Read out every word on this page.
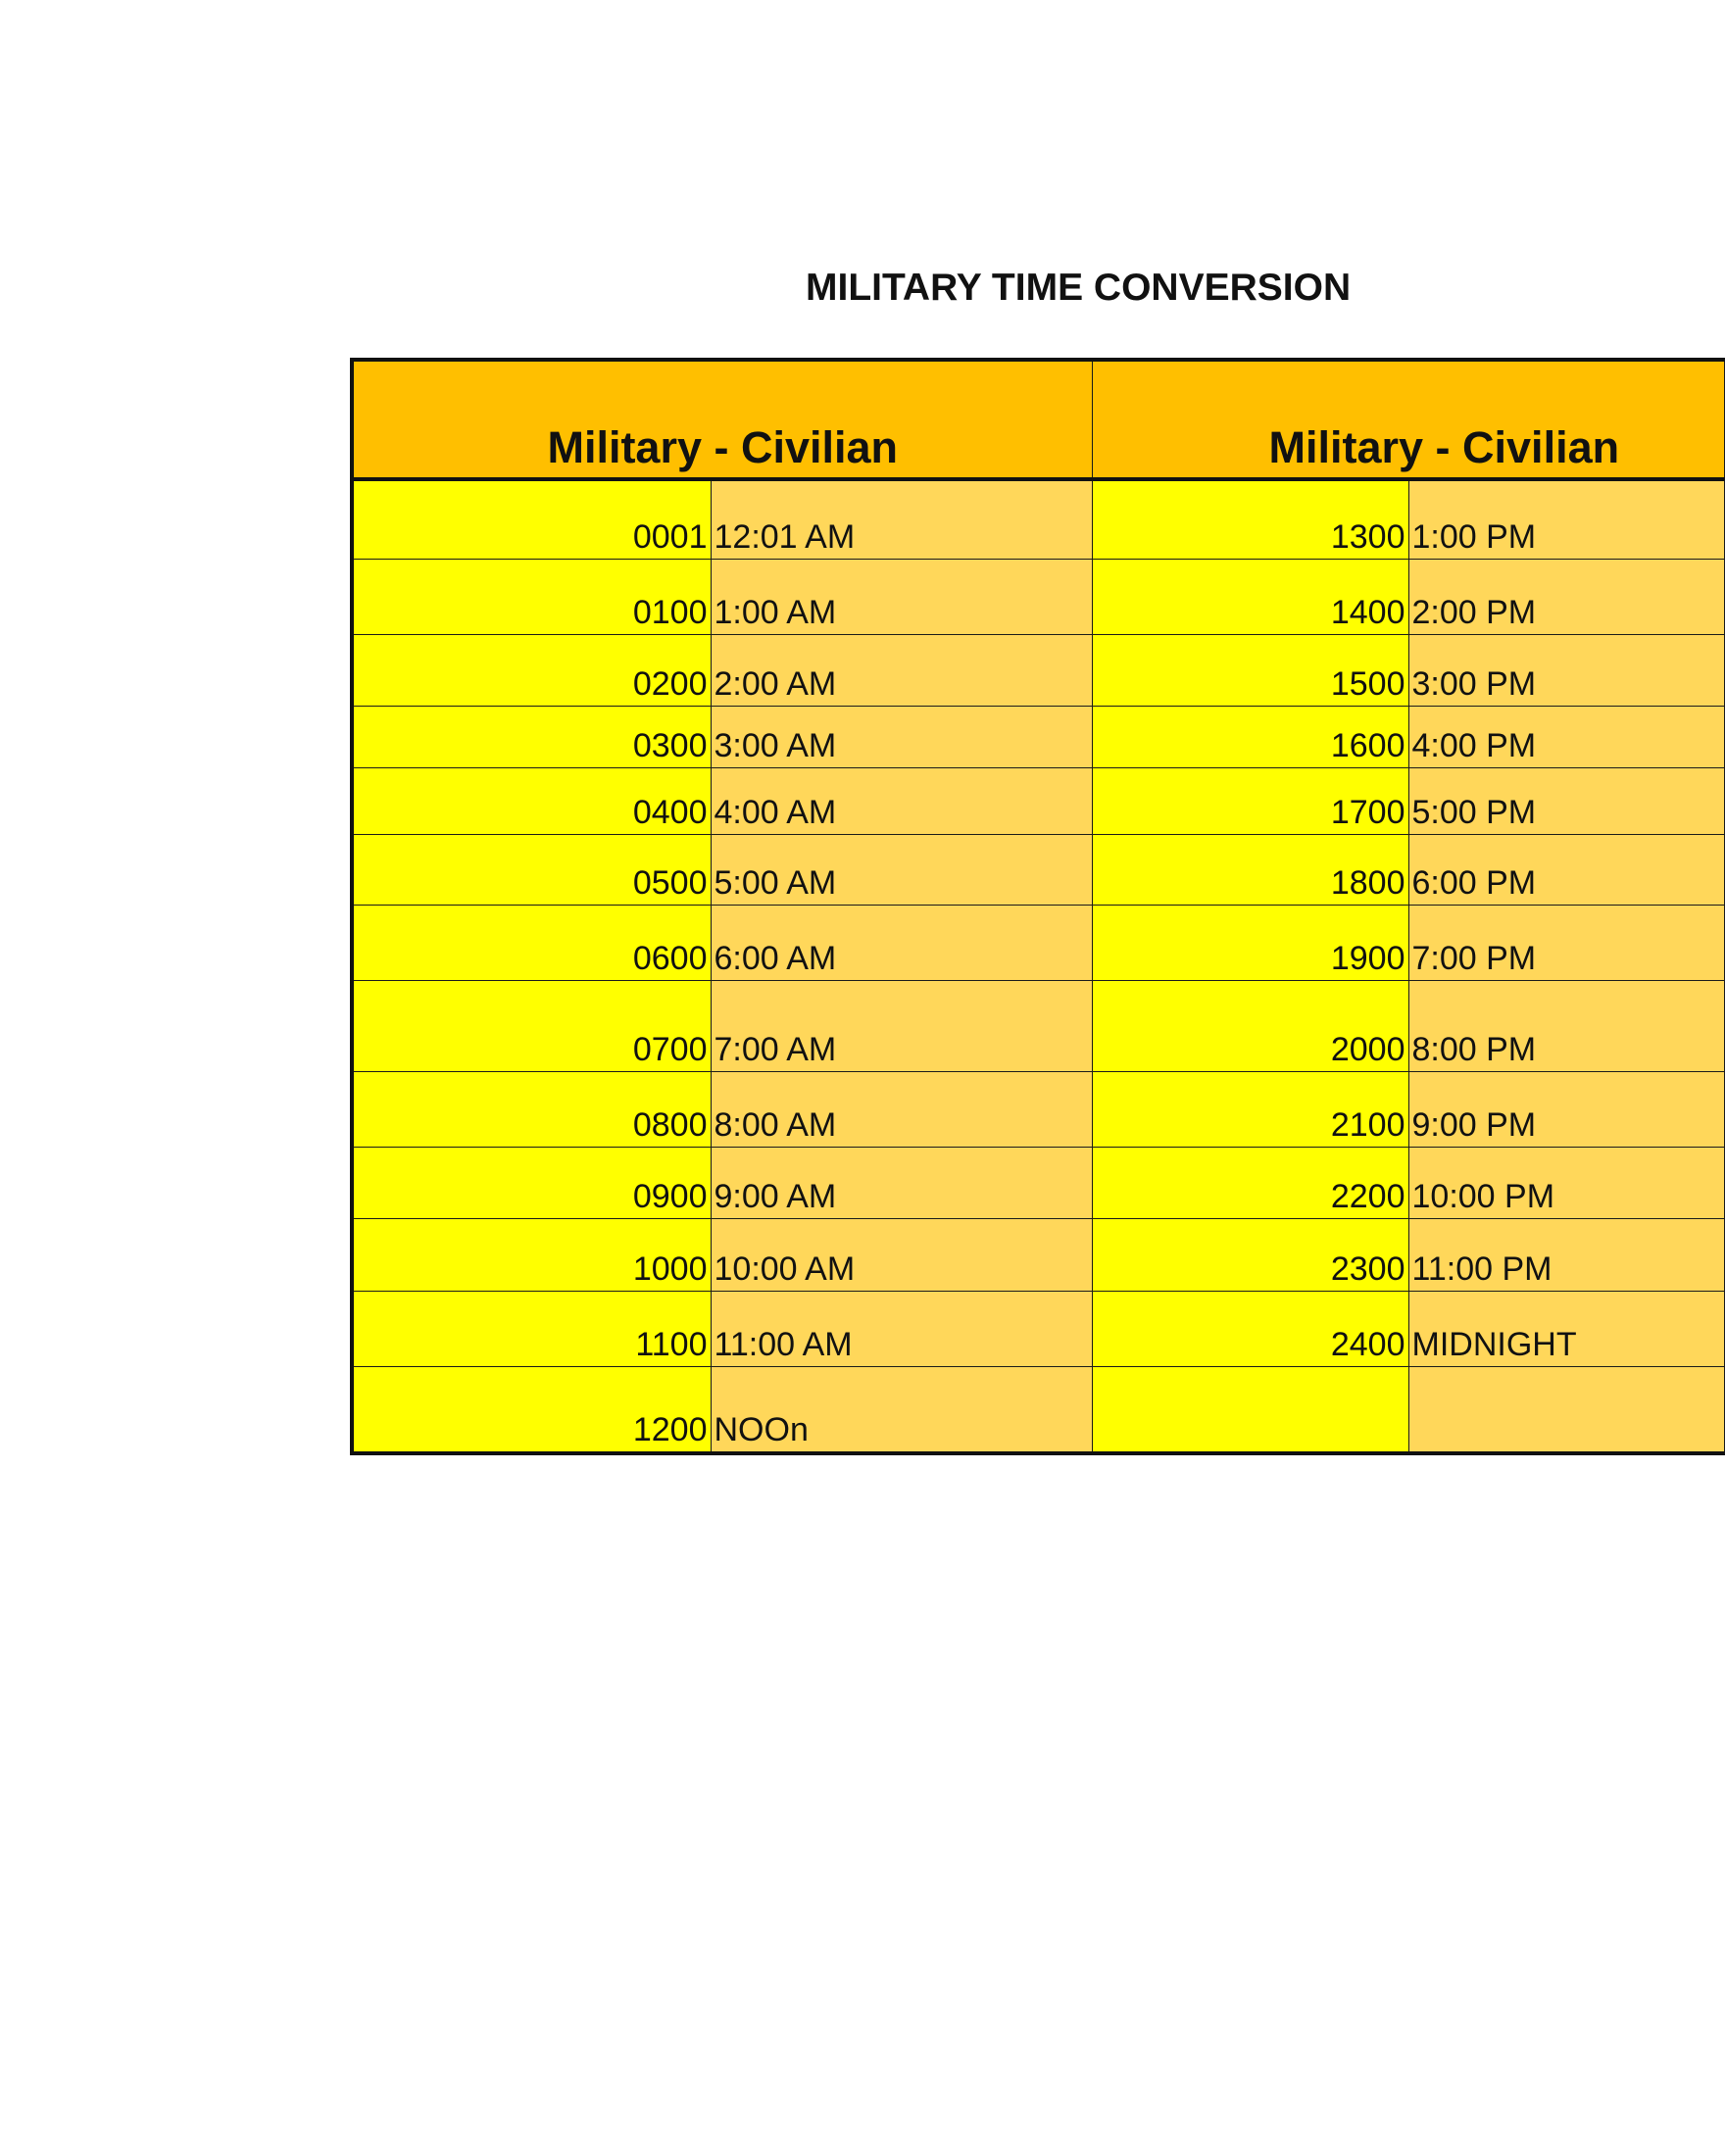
MILITARY TIME CONVERSION
Military - Civilian		Military - Civilian	
0001	12:01 AM	1300	1:00 PM
0100	1:00 AM	1400	2:00 PM
0200	2:00 AM	1500	3:00 PM
0300	3:00 AM	1600	4:00 PM
0400	4:00 AM	1700	5:00 PM
0500	5:00 AM	1800	6:00 PM
0600	6:00 AM	1900	7:00 PM
0700	7:00 AM	2000	8:00 PM
0800	8:00 AM	2100	9:00 PM
0900	9:00 AM	2200	10:00 PM
1000	10:00 AM	2300	11:00 PM
1100	11:00 AM	2400	MIDNIGHT
1200	NOOn		
